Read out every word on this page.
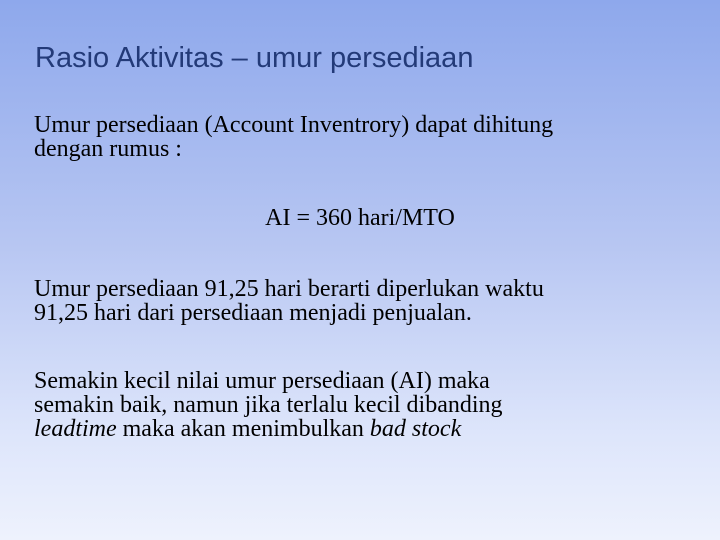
Rasio Aktivitas – umur persediaan
Umur persediaan (Account Inventrory) dapat dihitung
dengan rumus :

AI = 360 hari/MTO

Umur persediaan 91,25 hari berarti diperlukan waktu
91,25 hari dari persediaan menjadi penjualan.
Semakin kecil nilai umur persediaan (AI) maka
semakin baik, namun jika terlalu kecil dibanding
leadtime maka akan menimbulkan bad stock
